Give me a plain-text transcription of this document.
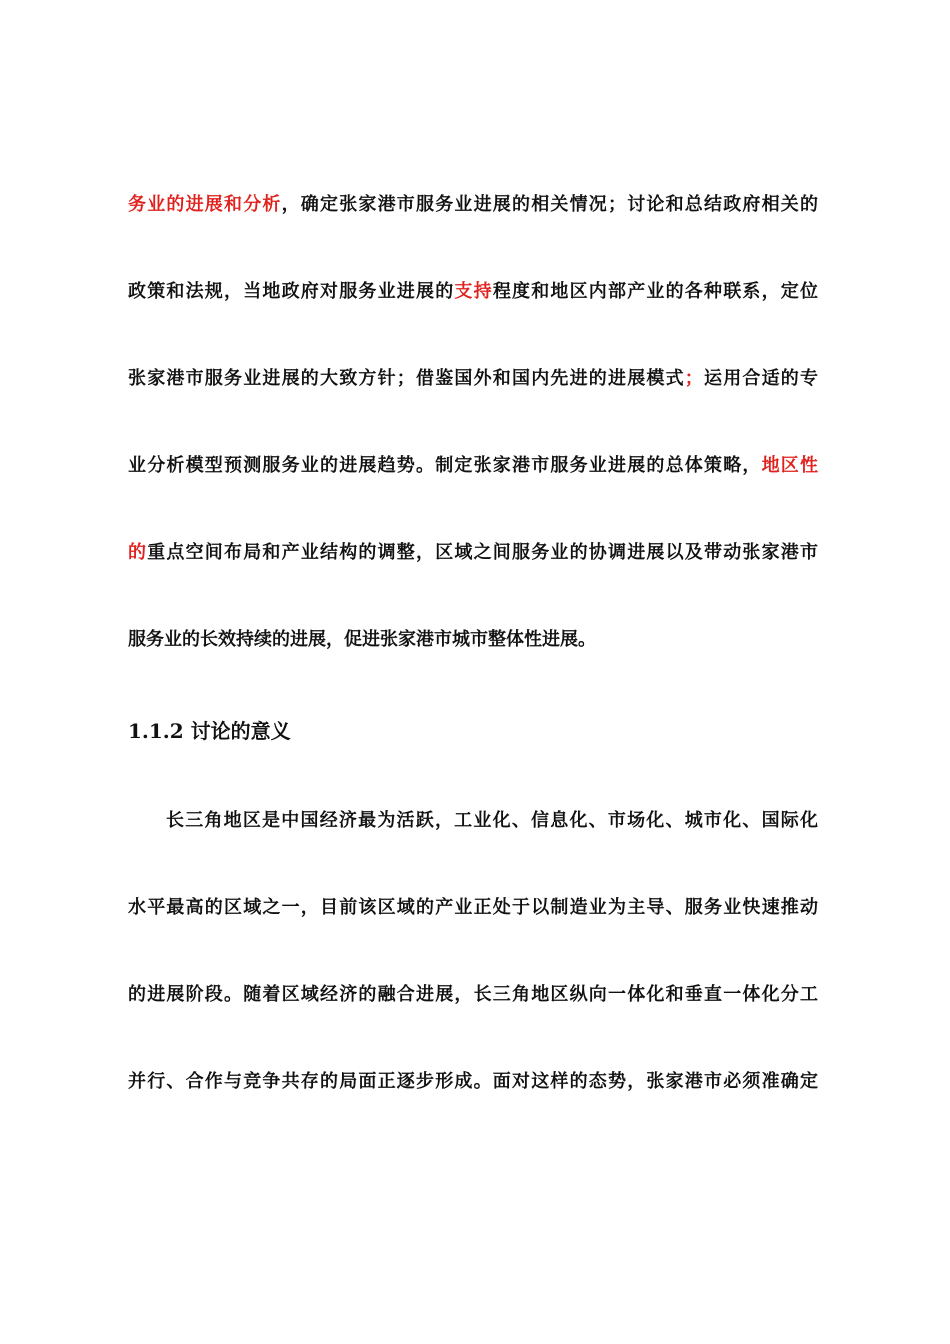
务业的进展和分析，确定张家港市服务业进展的相关情况；讨论和总结政府相关的
政策和法规，当地政府对服务业进展的支持程度和地区内部产业的各种联系，定位
张家港市服务业进展的大致方针；借鉴国外和国内先进的进展模式；运用合适的专
业分析模型预测服务业的进展趋势。制定张家港市服务业进展的总体策略，地区性
的重点空间布局和产业结构的调整，区域之间服务业的协调进展以及带动张家港市
服务业的长效持续的进展，促进张家港市城市整体性进展。
1.1.2 讨论的意义
长三角地区是中国经济最为活跃，工业化、信息化、市场化、城市化、国际化
水平最高的区域之一，目前该区域的产业正处于以制造业为主导、服务业快速推动
的进展阶段。随着区域经济的融合进展，长三角地区纵向一体化和垂直一体化分工
并行、合作与竞争共存的局面正逐步形成。面对这样的态势，张家港市必须准确定
